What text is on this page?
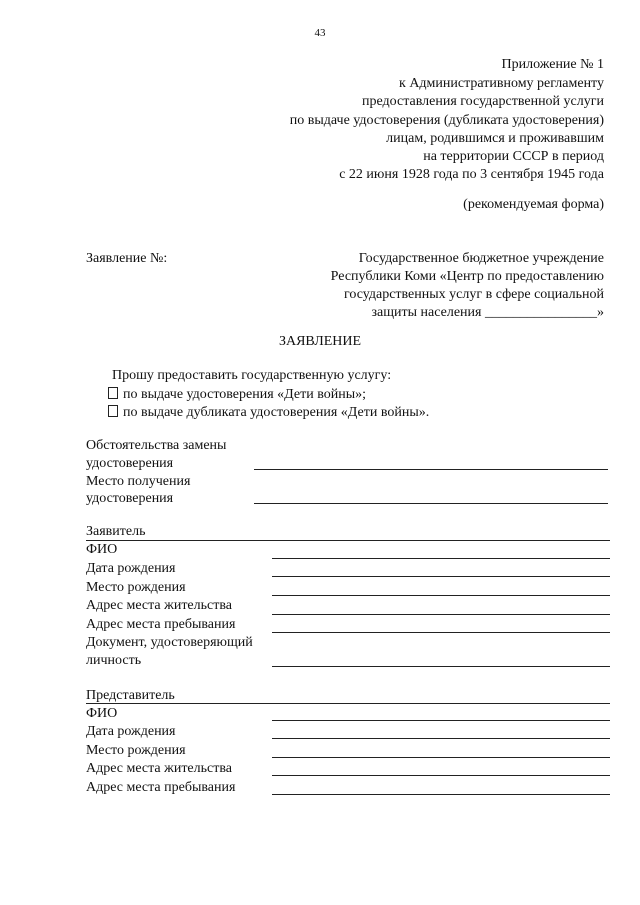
43
Приложение № 1
к Административному регламенту
предоставления государственной услуги
по выдаче удостоверения (дубликата удостоверения)
лицам, родившимся и проживавшим
на территории СССР в период
с 22 июня 1928 года по 3 сентября 1945 года
(рекомендуемая форма)
Заявление №:	Государственное бюджетное учреждение
Республики Коми «Центр по предоставлению
государственных услуг в сфере социальной
защиты населения ________________»
ЗАЯВЛЕНИЕ
Прошу предоставить государственную услугу:
по выдаче удостоверения «Дети войны»;
по выдаче дубликата удостоверения «Дети войны».
Обстоятельства замены
удостоверения
Место получения
удостоверения
Заявитель
ФИО
Дата рождения
Место рождения
Адрес места жительства
Адрес места пребывания
Документ, удостоверяющий
личность
Представитель
ФИО
Дата рождения
Место рождения
Адрес места жительства
Адрес места пребывания
